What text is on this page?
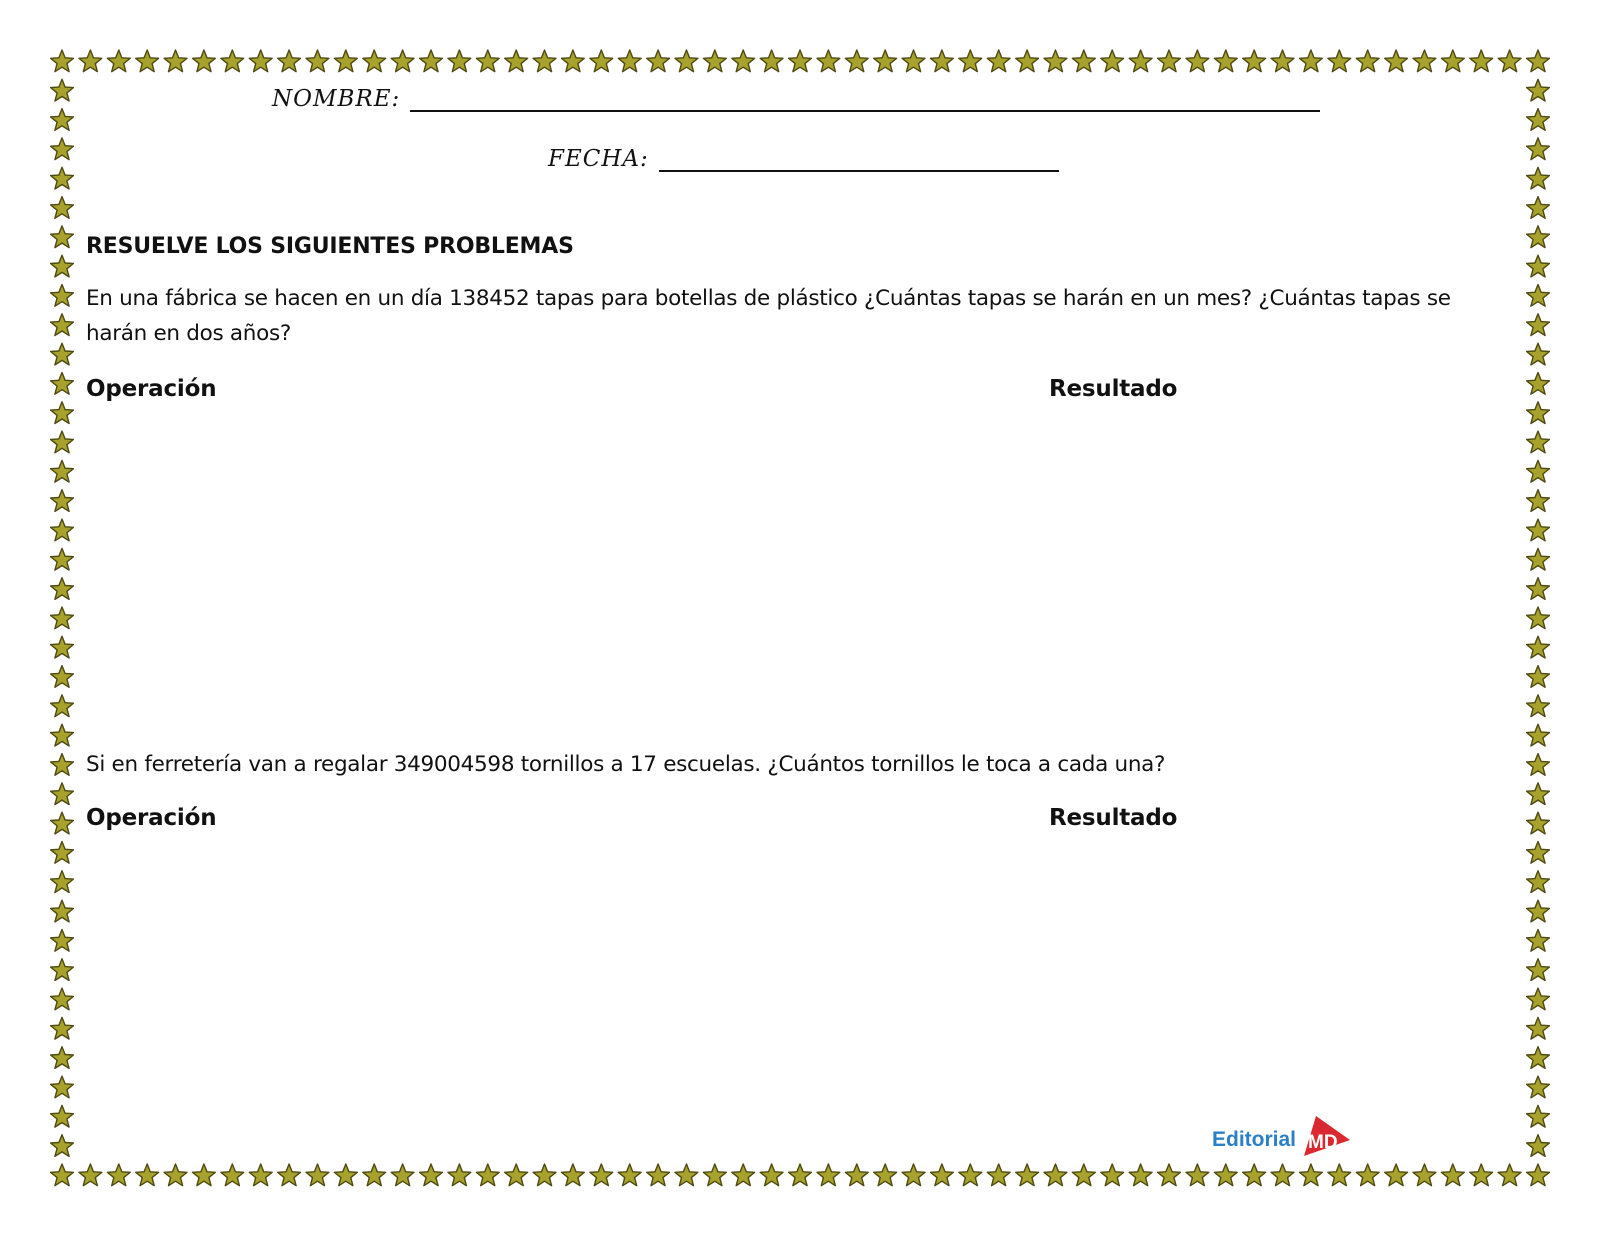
NOMBRE:
FECHA:
RESUELVE LOS SIGUIENTES PROBLEMAS
En una fábrica se hacen en un día 138452 tapas para botellas de plástico ¿Cuántas tapas se harán en un mes? ¿Cuántas tapas se harán en dos años?
Operación	Resultado
Si en ferretería van a regalar 349004598 tornillos a 17 escuelas. ¿Cuántos tornillos le toca a cada una?
Operación	Resultado
Editorial MD
